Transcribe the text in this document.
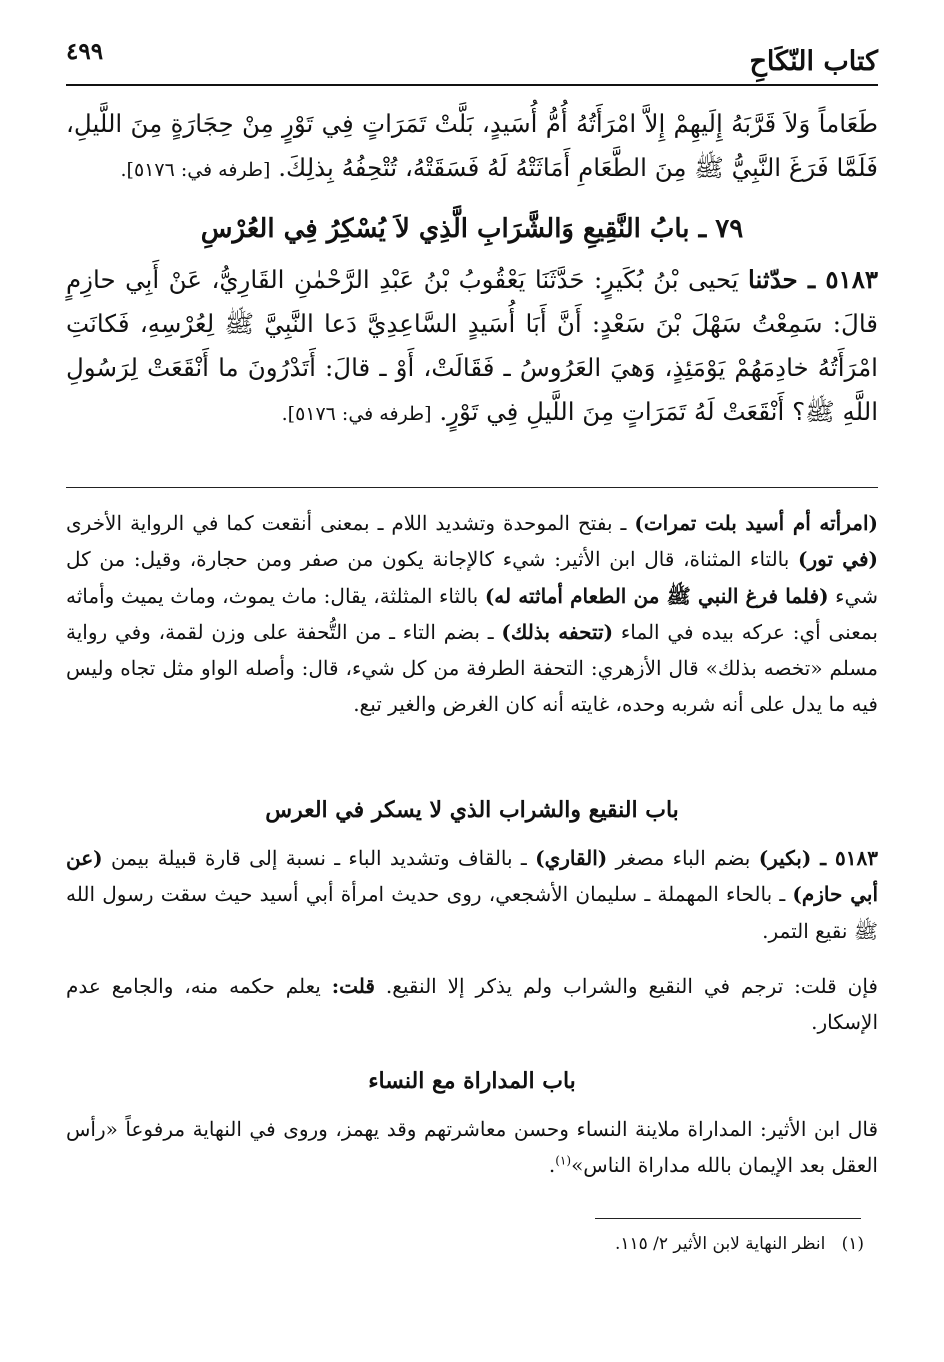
كتاب النّكَاحِ
٤٩٩
طَعَاماً وَلاَ قَرَّبَهُ إِلَيهِمْ إِلاَّ امْرَأَتُهُ أُمُّ أُسَيدٍ، بَلَّتْ تَمَرَاتٍ فِي تَوْرٍ مِنْ حِجَارَةٍ مِنَ اللَّيلِ، فَلَمَّا فَرَغَ النَّبِيُّ ﷺ مِنَ الطَّعَامِ أَمَاثَتْهُ لَهُ فَسَقَتْهُ، تُتْحِفُهُ بِذلِكَ. [طرفه في: ٥١٧٦].
٧٩ ـ بابُ النَّقِيعِ وَالشَّرَابِ الَّذِي لاَ يُسْكِرُ فِي العُرْسِ
٥١٨٣ ـ حدّثنا يَحيى بْنُ بُكَيرٍ: حَدَّثَنَا يَعْقُوبُ بْنُ عَبْدِ الرَّحْمٰنِ القَارِيُّ، عَنْ أَبِي حازِمٍ قالَ: سَمِعْتُ سَهْلَ بْنَ سَعْدٍ: أَنَّ أَبَا أُسَيدٍ السَّاعِدِيَّ دَعا النَّبِيَّ ﷺ لِعُرْسِهِ، فَكانَتِ امْرَأَتُهُ خادِمَهُمْ يَوْمَئِذٍ، وَهيَ العَرُوسُ ـ فَقَالَتْ، أَوْ ـ قالَ: أَتَدْرُونَ ما أَنْقَعَتْ لِرَسُولِ اللَّهِ ﷺ؟ أَنْقَعَتْ لَهُ تَمَرَاتٍ مِنَ اللَّيلِ فِي تَوْرٍ. [طرفه في: ٥١٧٦].
(امرأته أم أسيد بلت تمرات) ـ بفتح الموحدة وتشديد اللام ـ بمعنى أنقعت كما في الرواية الأخرى (في تور) بالتاء المثناة، قال ابن الأثير: شيء كالإجانة يكون من صفر ومن حجارة، وقيل: من كل شيء (فلما فرغ النبي ﷺ من الطعام أماثته له) بالثاء المثلثة، يقال: ماث يموث، وماث يميث وأماثه بمعنى أي: عركه بيده في الماء (تتحفه بذلك) ـ بضم التاء ـ من التُّحفة على وزن لقمة، وفي رواية مسلم «تخصه بذلك» قال الأزهري: التحفة الطرفة من كل شيء، قال: وأصله الواو مثل تجاه وليس فيه ما يدل على أنه شربه وحده، غايته أنه كان الغرض والغير تبع.
باب النقيع والشراب الذي لا يسكر في العرس
٥١٨٣ ـ (بكير) بضم الباء مصغر (القاري) ـ بالقاف وتشديد الباء ـ نسبة إلى قارة قبيلة بيمن (عن أبي حازم) ـ بالحاء المهملة ـ سليمان الأشجعي، روى حديث امرأة أبي أسيد حيث سقت رسول الله ﷺ نقيع التمر.
فإن قلت: ترجم في النقيع والشراب ولم يذكر إلا النقيع. قلت: يعلم حكمه منه، والجامع عدم الإسكار.
باب المداراة مع النساء
قال ابن الأثير: المداراة ملاينة النساء وحسن معاشرتهم وقد يهمز، وروى في النهاية مرفوعاً «رأس العقل بعد الإيمان بالله مداراة الناس»$^{(١)}$.
(١)   انظر النهاية لابن الأثير ٢/ ١١٥.
